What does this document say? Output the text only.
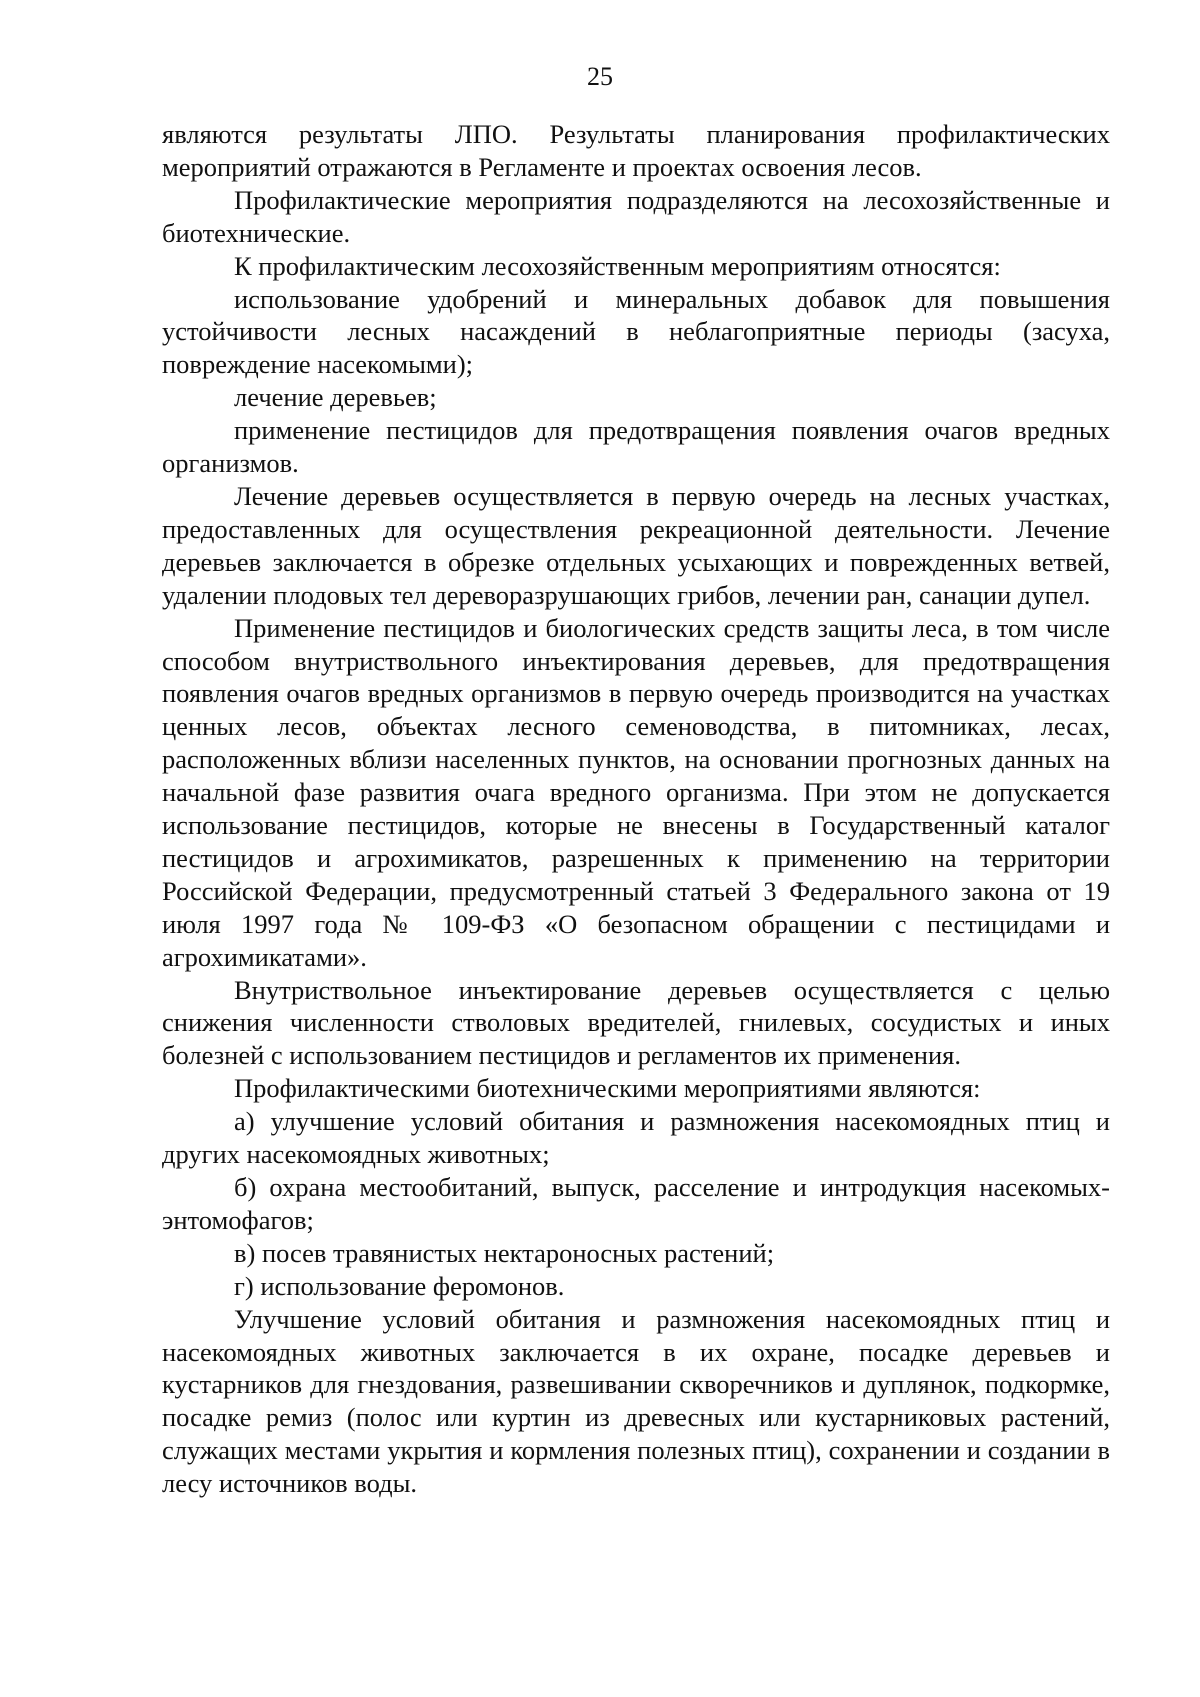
25

являются результаты ЛПО. Результаты планирования профилактических мероприятий отражаются в Регламенте и проектах освоения лесов.

Профилактические мероприятия подразделяются на лесохозяйственные и биотехнические.

К профилактическим лесохозяйственным мероприятиям относятся:

использование удобрений и минеральных добавок для повышения устойчивости лесных насаждений в неблагоприятные периоды (засуха, повреждение насекомыми);

лечение деревьев;

применение пестицидов для предотвращения появления очагов вредных организмов.

Лечение деревьев осуществляется в первую очередь на лесных участках, предоставленных для осуществления рекреационной деятельности. Лечение деревьев заключается в обрезке отдельных усыхающих и поврежденных ветвей, удалении плодовых тел дереворазрушающих грибов, лечении ран, санации дупел.

Применение пестицидов и биологических средств защиты леса, в том числе способом внутриствольного инъектирования деревьев, для предотвращения появления очагов вредных организмов в первую очередь производится на участках ценных лесов, объектах лесного семеноводства, в питомниках, лесах, расположенных вблизи населенных пунктов, на основании прогнозных данных на начальной фазе развития очага вредного организма. При этом не допускается использование пестицидов, которые не внесены в Государственный каталог пестицидов и агрохимикатов, разрешенных к применению на территории Российской Федерации, предусмотренный статьей 3 Федерального закона от 19 июля 1997 года № 109-ФЗ «О безопасном обращении с пестицидами и агрохимикатами».

Внутриствольное инъектирование деревьев осуществляется с целью снижения численности стволовых вредителей, гнилевых, сосудистых и иных болезней с использованием пестицидов и регламентов их применения.

Профилактическими биотехническими мероприятиями являются:

а) улучшение условий обитания и размножения насекомоядных птиц и других насекомоядных животных;

б) охрана местообитаний, выпуск, расселение и интродукция насекомых-энтомофагов;

в) посев травянистых нектароносных растений;

г) использование феромонов.

Улучшение условий обитания и размножения насекомоядных птиц и насекомоядных животных заключается в их охране, посадке деревьев и кустарников для гнездования, развешивании скворечников и дуплянок, подкормке, посадке ремиз (полос или куртин из древесных или кустарниковых растений, служащих местами укрытия и кормления полезных птиц), сохранении и создании в лесу источников воды.
